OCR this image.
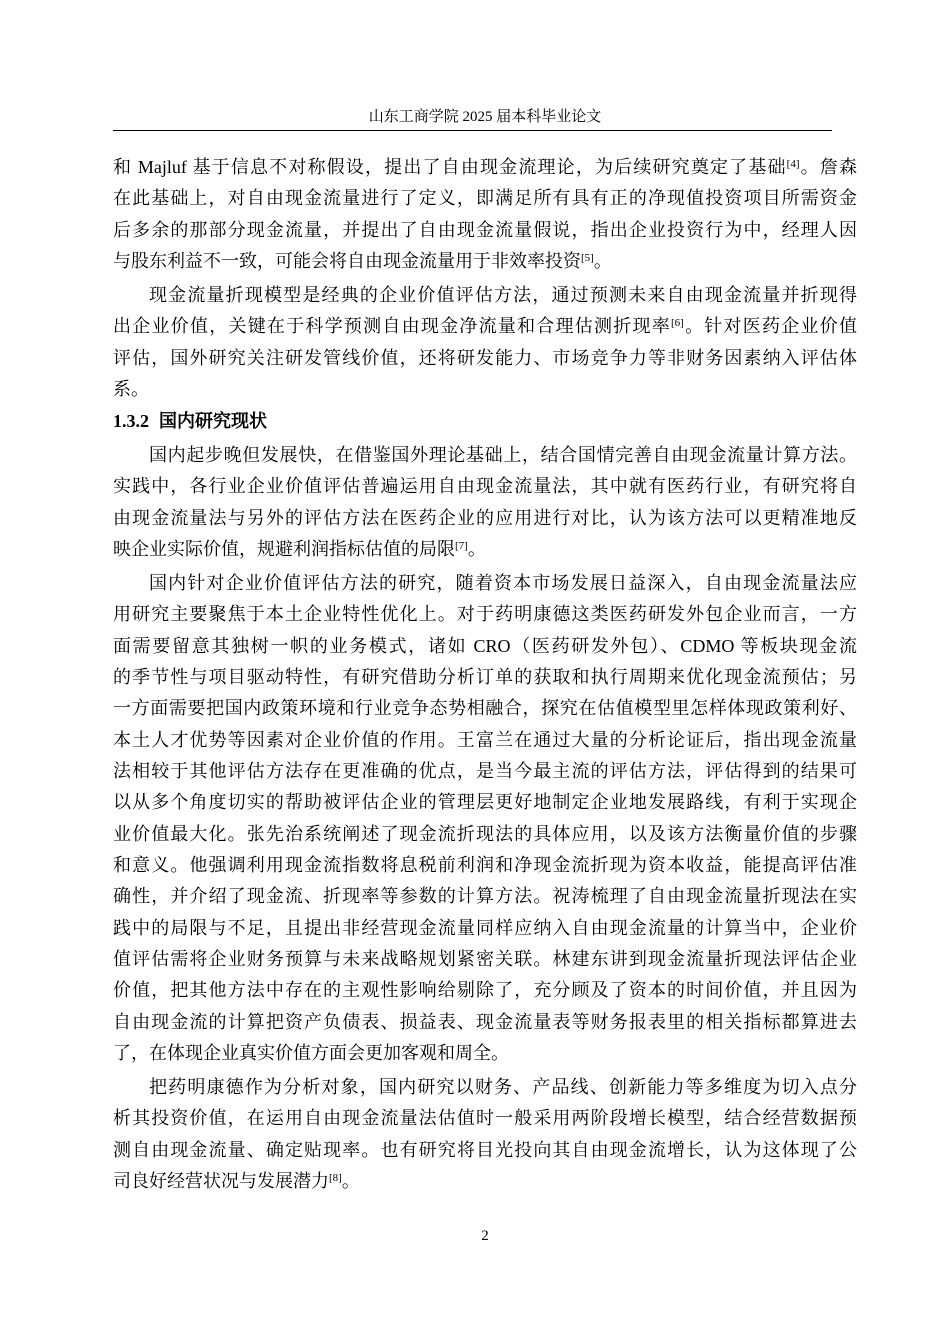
山东工商学院 2025 届本科毕业论文
和 Majluf 基于信息不对称假设，提出了自由现金流理论，为后续研究奠定了基础[4]。詹森
在此基础上，对自由现金流量进行了定义，即满足所有具有正的净现值投资项目所需资金
后多余的那部分现金流量，并提出了自由现金流量假说，指出企业投资行为中，经理人因
与股东利益不一致，可能会将自由现金流量用于非效率投资[5]。
现金流量折现模型是经典的企业价值评估方法，通过预测未来自由现金流量并折现得
出企业价值，关键在于科学预测自由现金净流量和合理估测折现率[6]。针对医药企业价值
评估，国外研究关注研发管线价值，还将研发能力、市场竞争力等非财务因素纳入评估体
系。
1.3.2 国内研究现状
国内起步晚但发展快，在借鉴国外理论基础上，结合国情完善自由现金流量计算方法。
实践中，各行业企业价值评估普遍运用自由现金流量法，其中就有医药行业，有研究将自
由现金流量法与另外的评估方法在医药企业的应用进行对比，认为该方法可以更精准地反
映企业实际价值，规避利润指标估值的局限[7]。
国内针对企业价值评估方法的研究，随着资本市场发展日益深入，自由现金流量法应
用研究主要聚焦于本土企业特性优化上。对于药明康德这类医药研发外包企业而言，一方
面需要留意其独树一帜的业务模式，诸如 CRO（医药研发外包）、CDMO 等板块现金流
的季节性与项目驱动特性，有研究借助分析订单的获取和执行周期来优化现金流预估；另
一方面需要把国内政策环境和行业竞争态势相融合，探究在估值模型里怎样体现政策利好、
本土人才优势等因素对企业价值的作用。王富兰在通过大量的分析论证后，指出现金流量
法相较于其他评估方法存在更准确的优点，是当今最主流的评估方法，评估得到的结果可
以从多个角度切实的帮助被评估企业的管理层更好地制定企业地发展路线，有利于实现企
业价值最大化。张先治系统阐述了现金流折现法的具体应用，以及该方法衡量价值的步骤
和意义。他强调利用现金流指数将息税前利润和净现金流折现为资本收益，能提高评估准
确性，并介绍了现金流、折现率等参数的计算方法。祝涛梳理了自由现金流量折现法在实
践中的局限与不足，且提出非经营现金流量同样应纳入自由现金流量的计算当中，企业价
值评估需将企业财务预算与未来战略规划紧密关联。林建东讲到现金流量折现法评估企业
价值，把其他方法中存在的主观性影响给剔除了，充分顾及了资本的时间价值，并且因为
自由现金流的计算把资产负债表、损益表、现金流量表等财务报表里的相关指标都算进去
了，在体现企业真实价值方面会更加客观和周全。
把药明康德作为分析对象，国内研究以财务、产品线、创新能力等多维度为切入点分
析其投资价值，在运用自由现金流量法估值时一般采用两阶段增长模型，结合经营数据预
测自由现金流量、确定贴现率。也有研究将目光投向其自由现金流增长，认为这体现了公
司良好经营状况与发展潜力[8]。
2
